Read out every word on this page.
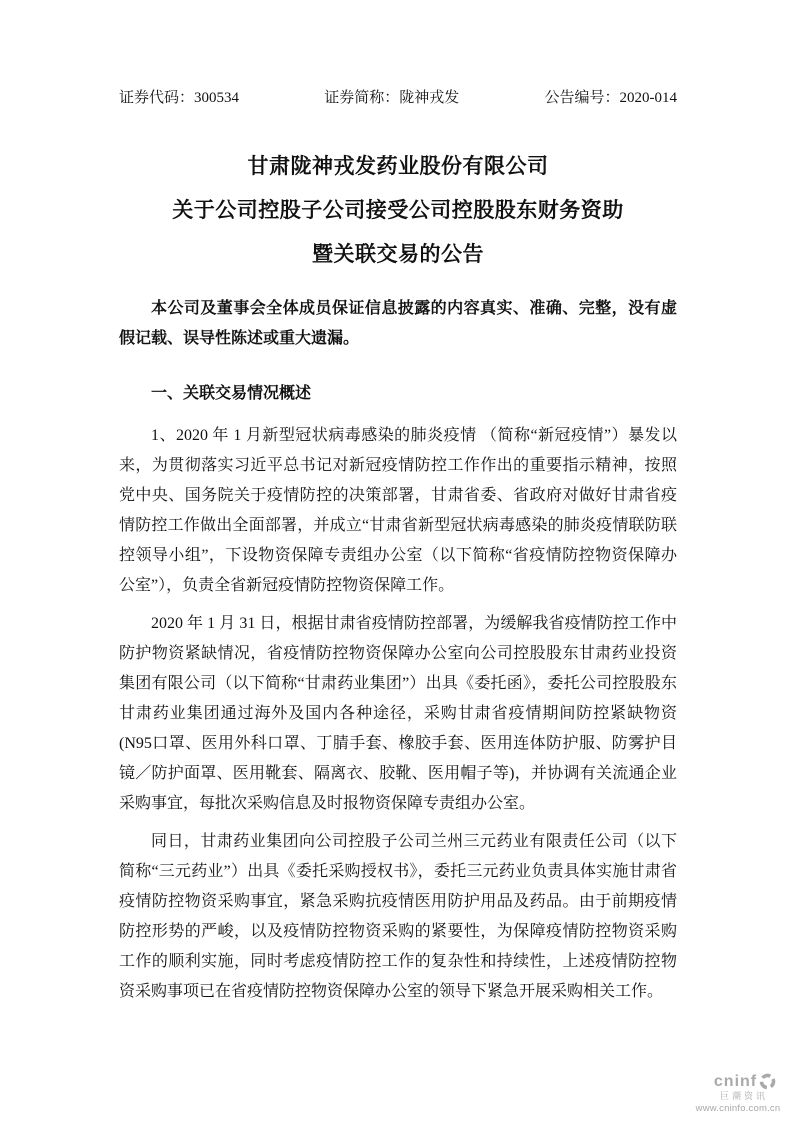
证券代码：300534	证券简称：陇神戎发	公告编号：2020-014
甘肃陇神戎发药业股份有限公司
关于公司控股子公司接受公司控股股东财务资助
暨关联交易的公告

本公司及董事会全体成员保证信息披露的内容真实、准确、完整，没有虚假记载、误导性陈述或重大遗漏。

一、关联交易情况概述

1、2020 年 1 月新型冠状病毒感染的肺炎疫情 （简称“新冠疫情”）暴发以来，为贯彻落实习近平总书记对新冠疫情防控工作作出的重要指示精神，按照党中央、国务院关于疫情防控的决策部署，甘肃省委、省政府对做好甘肃省疫情防控工作做出全面部署，并成立“甘肃省新型冠状病毒感染的肺炎疫情联防联控领导小组”，下设物资保障专责组办公室（以下简称“省疫情防控物资保障办公室”），负责全省新冠疫情防控物资保障工作。

2020 年 1 月 31 日，根据甘肃省疫情防控部署，为缓解我省疫情防控工作中防护物资紧缺情况，省疫情防控物资保障办公室向公司控股股东甘肃药业投资集团有限公司（以下简称“甘肃药业集团”）出具《委托函》，委托公司控股股东甘肃药业集团通过海外及国内各种途径，采购甘肃省疫情期间防控紧缺物资(N95口罩、医用外科口罩、丁腈手套、橡胶手套、医用连体防护服、防雾护目镜／防护面罩、医用靴套、隔离衣、胶靴、医用帽子等)，并协调有关流通企业采购事宜，每批次采购信息及时报物资保障专责组办公室。

同日，甘肃药业集团向公司控股子公司兰州三元药业有限责任公司（以下简称“三元药业”）出具《委托采购授权书》，委托三元药业负责具体实施甘肃省疫情防控物资采购事宜，紧急采购抗疫情医用防护用品及药品。由于前期疫情防控形势的严峻，以及疫情防控物资采购的紧要性，为保障疫情防控物资采购工作的顺利实施，同时考虑疫情防控工作的复杂性和持续性，上述疫情防控物资采购事项已在省疫情防控物资保障办公室的领导下紧急开展采购相关工作。

cninf
巨潮资讯
www.cninfo.com.cn
